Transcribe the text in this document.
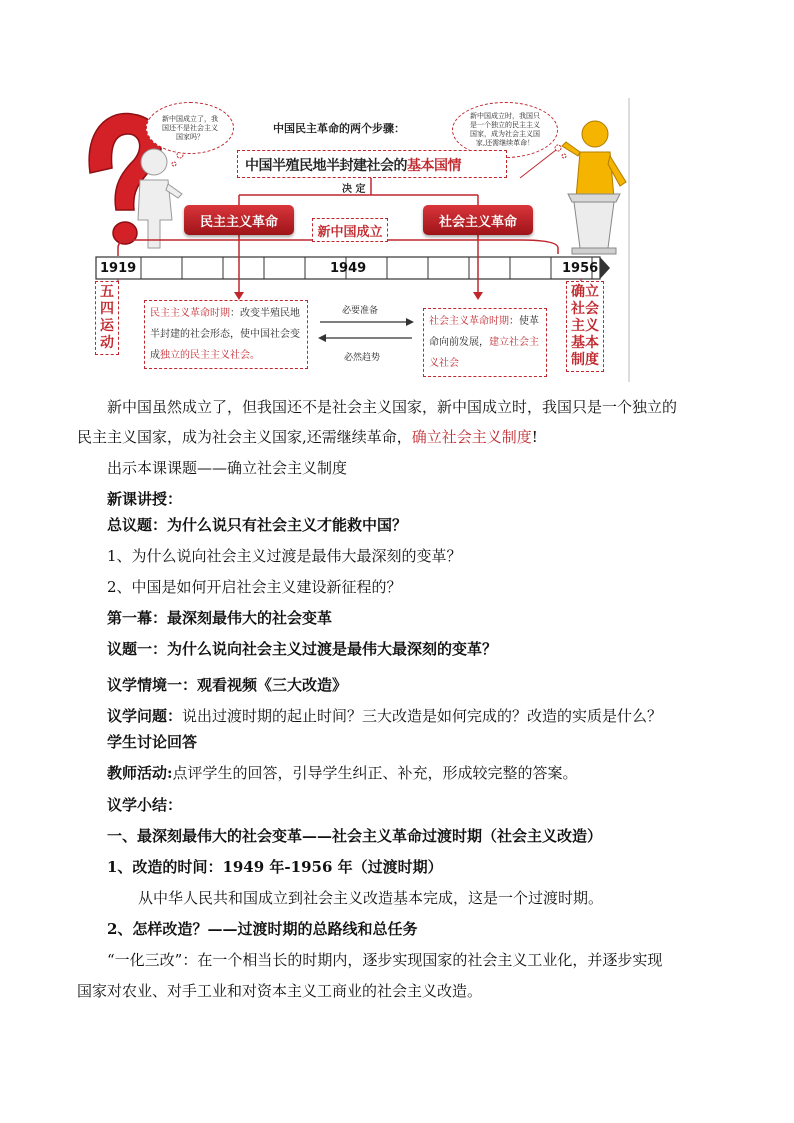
新中国成立了，我国还不是社会主义国家吗？
新中国成立时，我国只是一个独立的民主主义国家，成为社会主义国家,还需继续革命！
中国民主革命的两个步骤：
中国半殖民地半封建社会的基本国情
决 定
民主主义革命	社会主义革命
新中国成立
1919	1949	1956
五四运动
确立社会主义基本制度
民主主义革命时期：改变半殖民地半封建的社会形态，使中国社会变成独立的民主主义社会。
社会主义革命时期：使革命向前发展，建立社会主义社会
必要准备
必然趋势
新中国虽然成立了，但我国还不是社会主义国家，新中国成立时，我国只是一个独立的
民主主义国家，成为社会主义国家,还需继续革命，确立社会主义制度!
出示本课课题——确立社会主义制度
新课讲授：
总议题：为什么说只有社会主义才能救中国？
1、为什么说向社会主义过渡是最伟大最深刻的变革？
2、中国是如何开启社会主义建设新征程的？
第一幕：最深刻最伟大的社会变革
议题一：为什么说向社会主义过渡是最伟大最深刻的变革？
议学情境一：观看视频《三大改造》
议学问题：说出过渡时期的起止时间？三大改造是如何完成的？改造的实质是什么？
学生讨论回答
教师活动:点评学生的回答，引导学生纠正、补充，形成较完整的答案。
议学小结：
一、最深刻最伟大的社会变革——社会主义革命过渡时期（社会主义改造）
1、改造的时间：1949 年-1956 年（过渡时期）
从中华人民共和国成立到社会主义改造基本完成，这是一个过渡时期。
2、怎样改造？——过渡时期的总路线和总任务
“一化三改”：在一个相当长的时期内，逐步实现国家的社会主义工业化，并逐步实现
国家对农业、对手工业和对资本主义工商业的社会主义改造。
